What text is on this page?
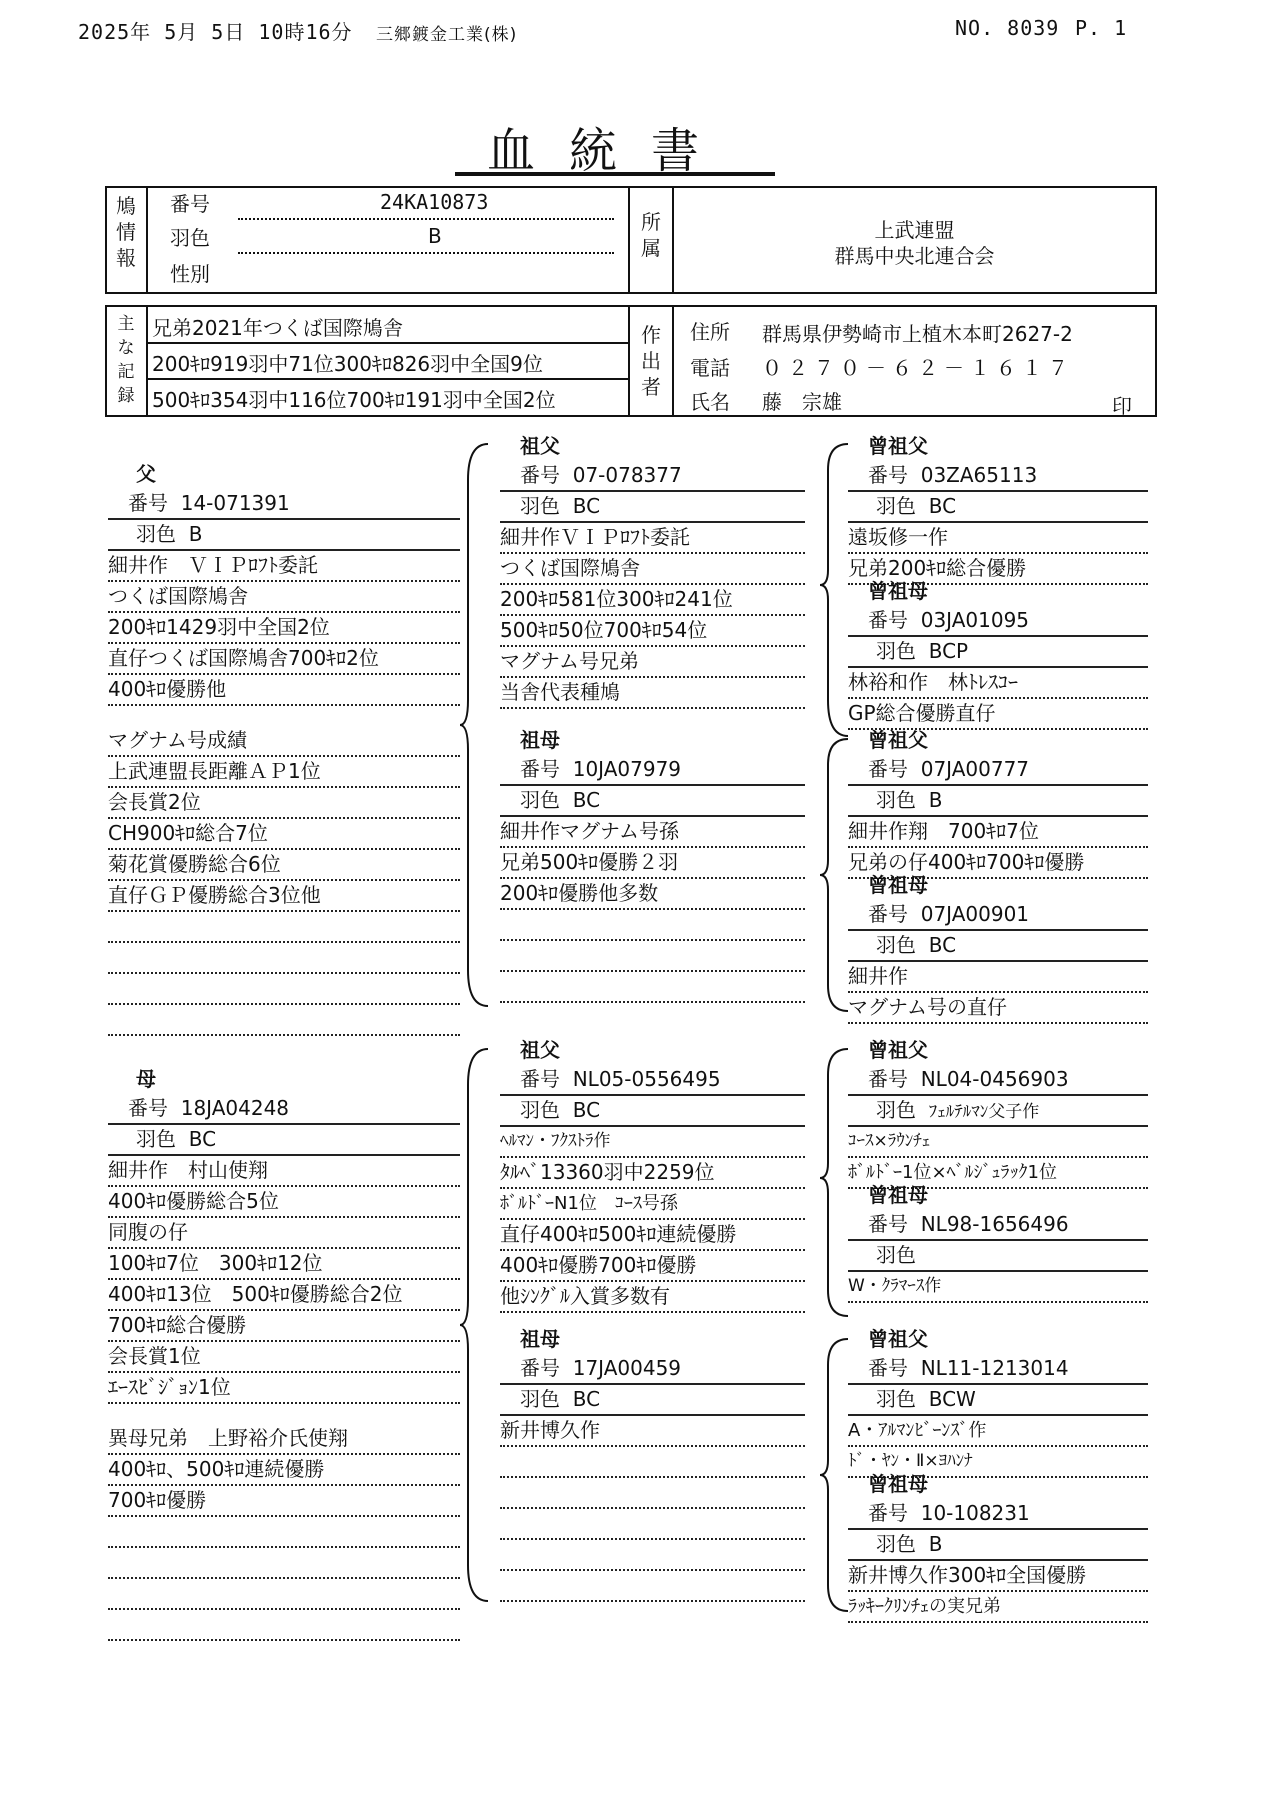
2025年 5月 5日 10時16分 三郷鍍金工業(株)	NO. 8039 P. 1
血統書
鳩情報
番号	24KA10873
羽色	B
性別
所属
上武連盟
群馬中央北連合会
主な記録
兄弟2021年つくば国際鳩舎
200ｷﾛ919羽中71位300ｷﾛ826羽中全国9位
500ｷﾛ354羽中116位700ｷﾛ191羽中全国2位
作出者
住所 群馬県伊勢崎市上植木本町2627-2
電話 ０２７０－６２－１６１７
氏名 藤　宗雄	印
父
番号 14-071391
羽色 B
細井作　ＶＩＰﾛﾌﾄ委託
つくば国際鳩舎
200ｷﾛ1429羽中全国2位
直仔つくば国際鳩舎700ｷﾛ2位
400ｷﾛ優勝他
マグナム号成績
上武連盟長距離ＡＰ1位
会長賞2位
CH900ｷﾛ総合7位
菊花賞優勝総合6位
直仔ＧＰ優勝総合3位他
母
番号 18JA04248
羽色 BC
細井作　村山使翔
400ｷﾛ優勝総合5位
同腹の仔
100ｷﾛ7位　300ｷﾛ12位
400ｷﾛ13位　500ｷﾛ優勝総合2位
700ｷﾛ総合優勝
会長賞1位
ｴｰｽﾋﾞｼﾞｮﾝ1位
異母兄弟　上野裕介氏使翔
400ｷﾛ、500ｷﾛ連続優勝
700ｷﾛ優勝
祖父
番号 07-078377
羽色 BC
細井作ＶＩＰﾛﾌﾄ委託
つくば国際鳩舎
200ｷﾛ581位300ｷﾛ241位
500ｷﾛ50位700ｷﾛ54位
マグナム号兄弟
当舎代表種鳩
祖母
番号 10JA07979
羽色 BC
細井作マグナム号孫
兄弟500ｷﾛ優勝２羽
200ｷﾛ優勝他多数
祖父
番号 NL05-0556495
羽色 BC
ﾍﾙﾏﾝ・ﾌｸｽﾄﾗ作
ﾀﾙﾍﾞ13360羽中2259位
ﾎﾞﾙﾄﾞｰN1位　ｺｰｽ号孫
直仔400ｷﾛ500ｷﾛ連続優勝
400ｷﾛ優勝700ｷﾛ優勝
他ｼﾝｸﾞﾙ入賞多数有
祖母
番号 17JA00459
羽色 BC
新井博久作
曾祖父
番号 03ZA65113
羽色 BC
遠坂修一作
兄弟200ｷﾛ総合優勝
曾祖母
番号 03JA01095
羽色 BCP
林裕和作　林ﾄﾚｽｺｰ
GP総合優勝直仔
曾祖父
番号 07JA00777
羽色 B
細井作翔　700ｷﾛ7位
兄弟の仔400ｷﾛ700ｷﾛ優勝
曾祖母
番号 07JA00901
羽色 BC
細井作
マグナム号の直仔
曾祖父
番号 NL04-0456903
羽色 ﾌｪﾙﾃﾙﾏﾝ父子作
ｺｰｽ×ﾗｳﾝﾁｪ
ﾎﾞﾙﾄﾞｰ1位×ﾍﾞﾙｼﾞｭﾗｯｸ1位
曾祖母
番号 NL98-1656496
羽色
W・ｸﾗﾏｰｽ作
曾祖父
番号 NL11-1213014
羽色 BCW
A・ｱﾙﾏﾝﾋﾞｰﾝｽﾞ作
ﾄﾞ・ﾔﾝ・Ⅱ×ﾖﾊﾝﾅ
曾祖母
番号 10-108231
羽色 B
新井博久作300ｷﾛ全国優勝
ﾗｯｷｰｸﾘﾝﾁｪの実兄弟
